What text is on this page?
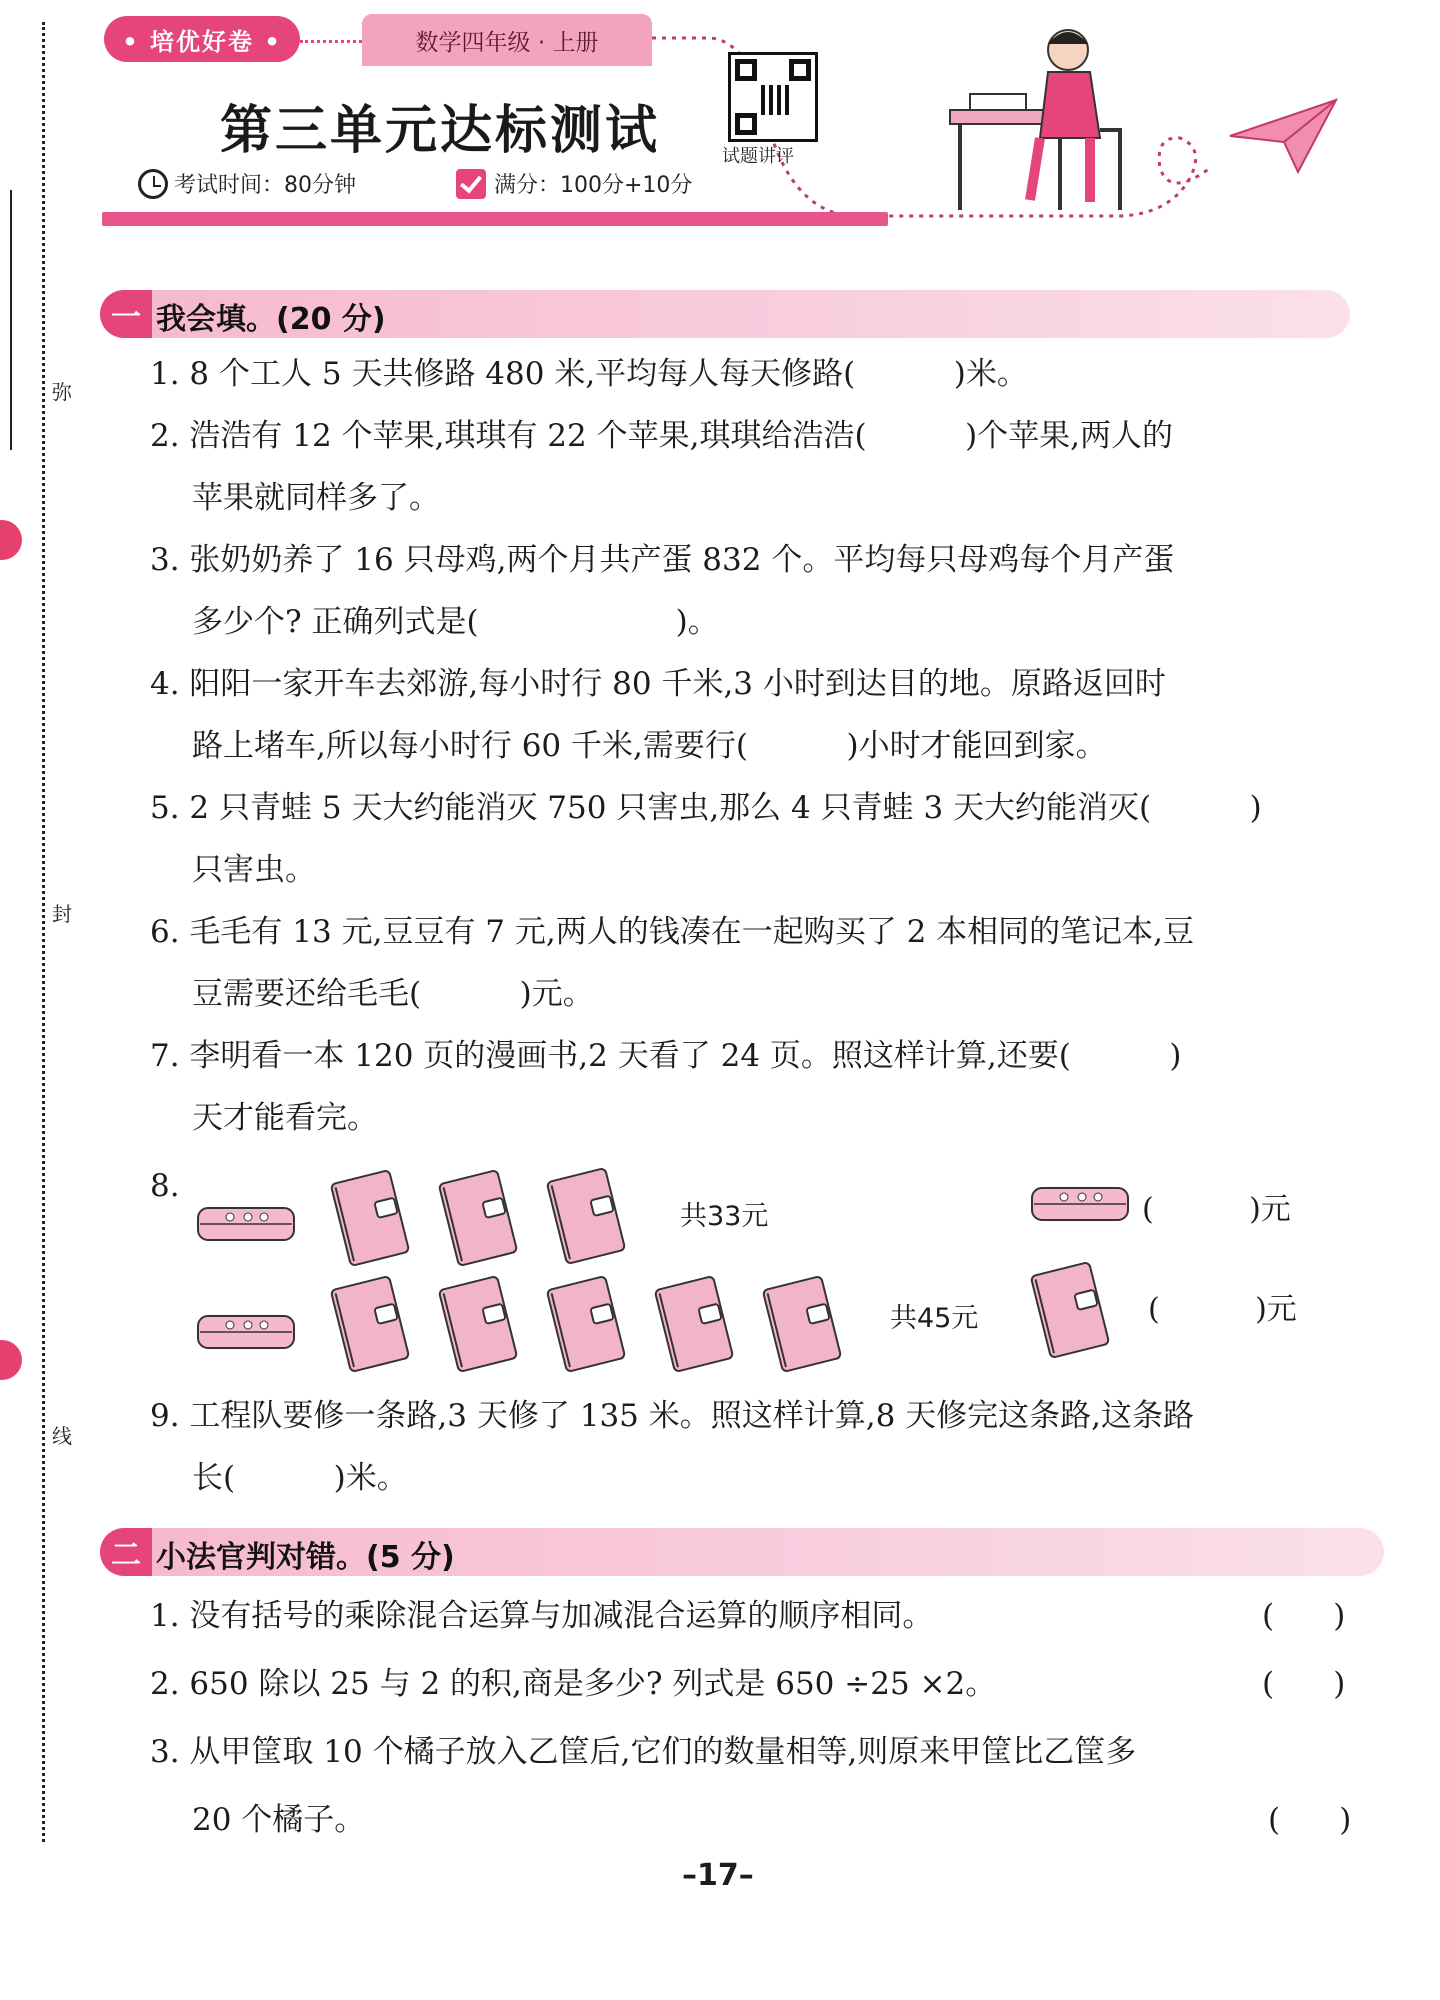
弥
封
线
• 培优好卷 •	数学四年级 · 上册
第三单元达标测试	试题讲评
考试时间：80分钟	满分：100分+10分
一 我会填。(20 分)
1. 8 个工人 5 天共修路 480 米,平均每人每天修路(          )米。
2. 浩浩有 12 个苹果,琪琪有 22 个苹果,琪琪给浩浩(          )个苹果,两人的
苹果就同样多了。
3. 张奶奶养了 16 只母鸡,两个月共产蛋 832 个。平均每只母鸡每个月产蛋
多少个? 正确列式是(                    )。
4. 阳阳一家开车去郊游,每小时行 80 千米,3 小时到达目的地。原路返回时
路上堵车,所以每小时行 60 千米,需要行(          )小时才能回到家。
5. 2 只青蛙 5 天大约能消灭 750 只害虫,那么 4 只青蛙 3 天大约能消灭(          )
只害虫。
6. 毛毛有 13 元,豆豆有 7 元,两人的钱凑在一起购买了 2 本相同的笔记本,豆
豆需要还给毛毛(          )元。
7. 李明看一本 120 页的漫画书,2 天看了 24 页。照这样计算,还要(          )
天才能看完。
8.
共33元	(          )元
共45元	(          )元
9. 工程队要修一条路,3 天修了 135 米。照这样计算,8 天修完这条路,这条路
长(          )米。
二 小法官判对错。(5 分)
1. 没有括号的乘除混合运算与加减混合运算的顺序相同。	(      )
2. 650 除以 25 与 2 的积,商是多少? 列式是 650 ÷25 ×2。	(      )
3. 从甲筐取 10 个橘子放入乙筐后,它们的数量相等,则原来甲筐比乙筐多
20 个橘子。	(      )
–17–
